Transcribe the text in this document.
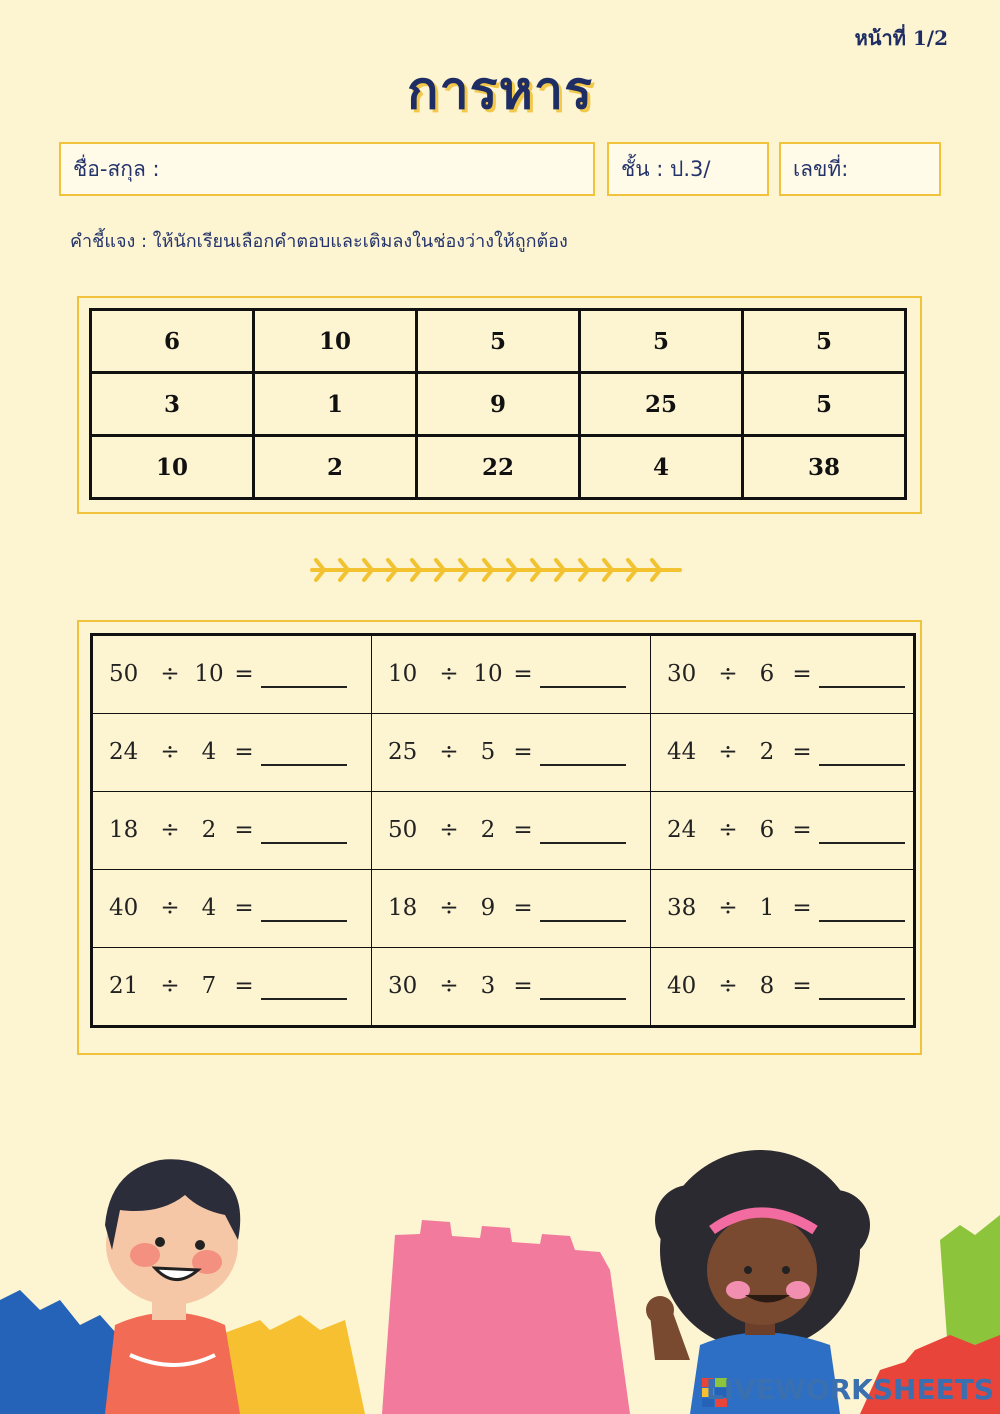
หน้าที่ 1/2
การหาร
ชื่อ-สกุล :	ชั้น : ป.3/	เลขที่:
คำชี้แจง : ให้นักเรียนเลือกคำตอบและเติมลงในช่องว่างให้ถูกต้อง
6	10	5	5	5
3	1	9	25	5
10	2	22	4	38
50 ÷ 10 =	10 ÷ 10 =	30 ÷ 6 =
24 ÷ 4 =	25 ÷ 5 =	44 ÷ 2 =
18 ÷ 2 =	50 ÷ 2 =	24 ÷ 6 =
40 ÷ 4 =	18 ÷ 9 =	38 ÷ 1 =
21 ÷ 7 =	30 ÷ 3 =	40 ÷ 8 =
LIVEWORKSHEETS
